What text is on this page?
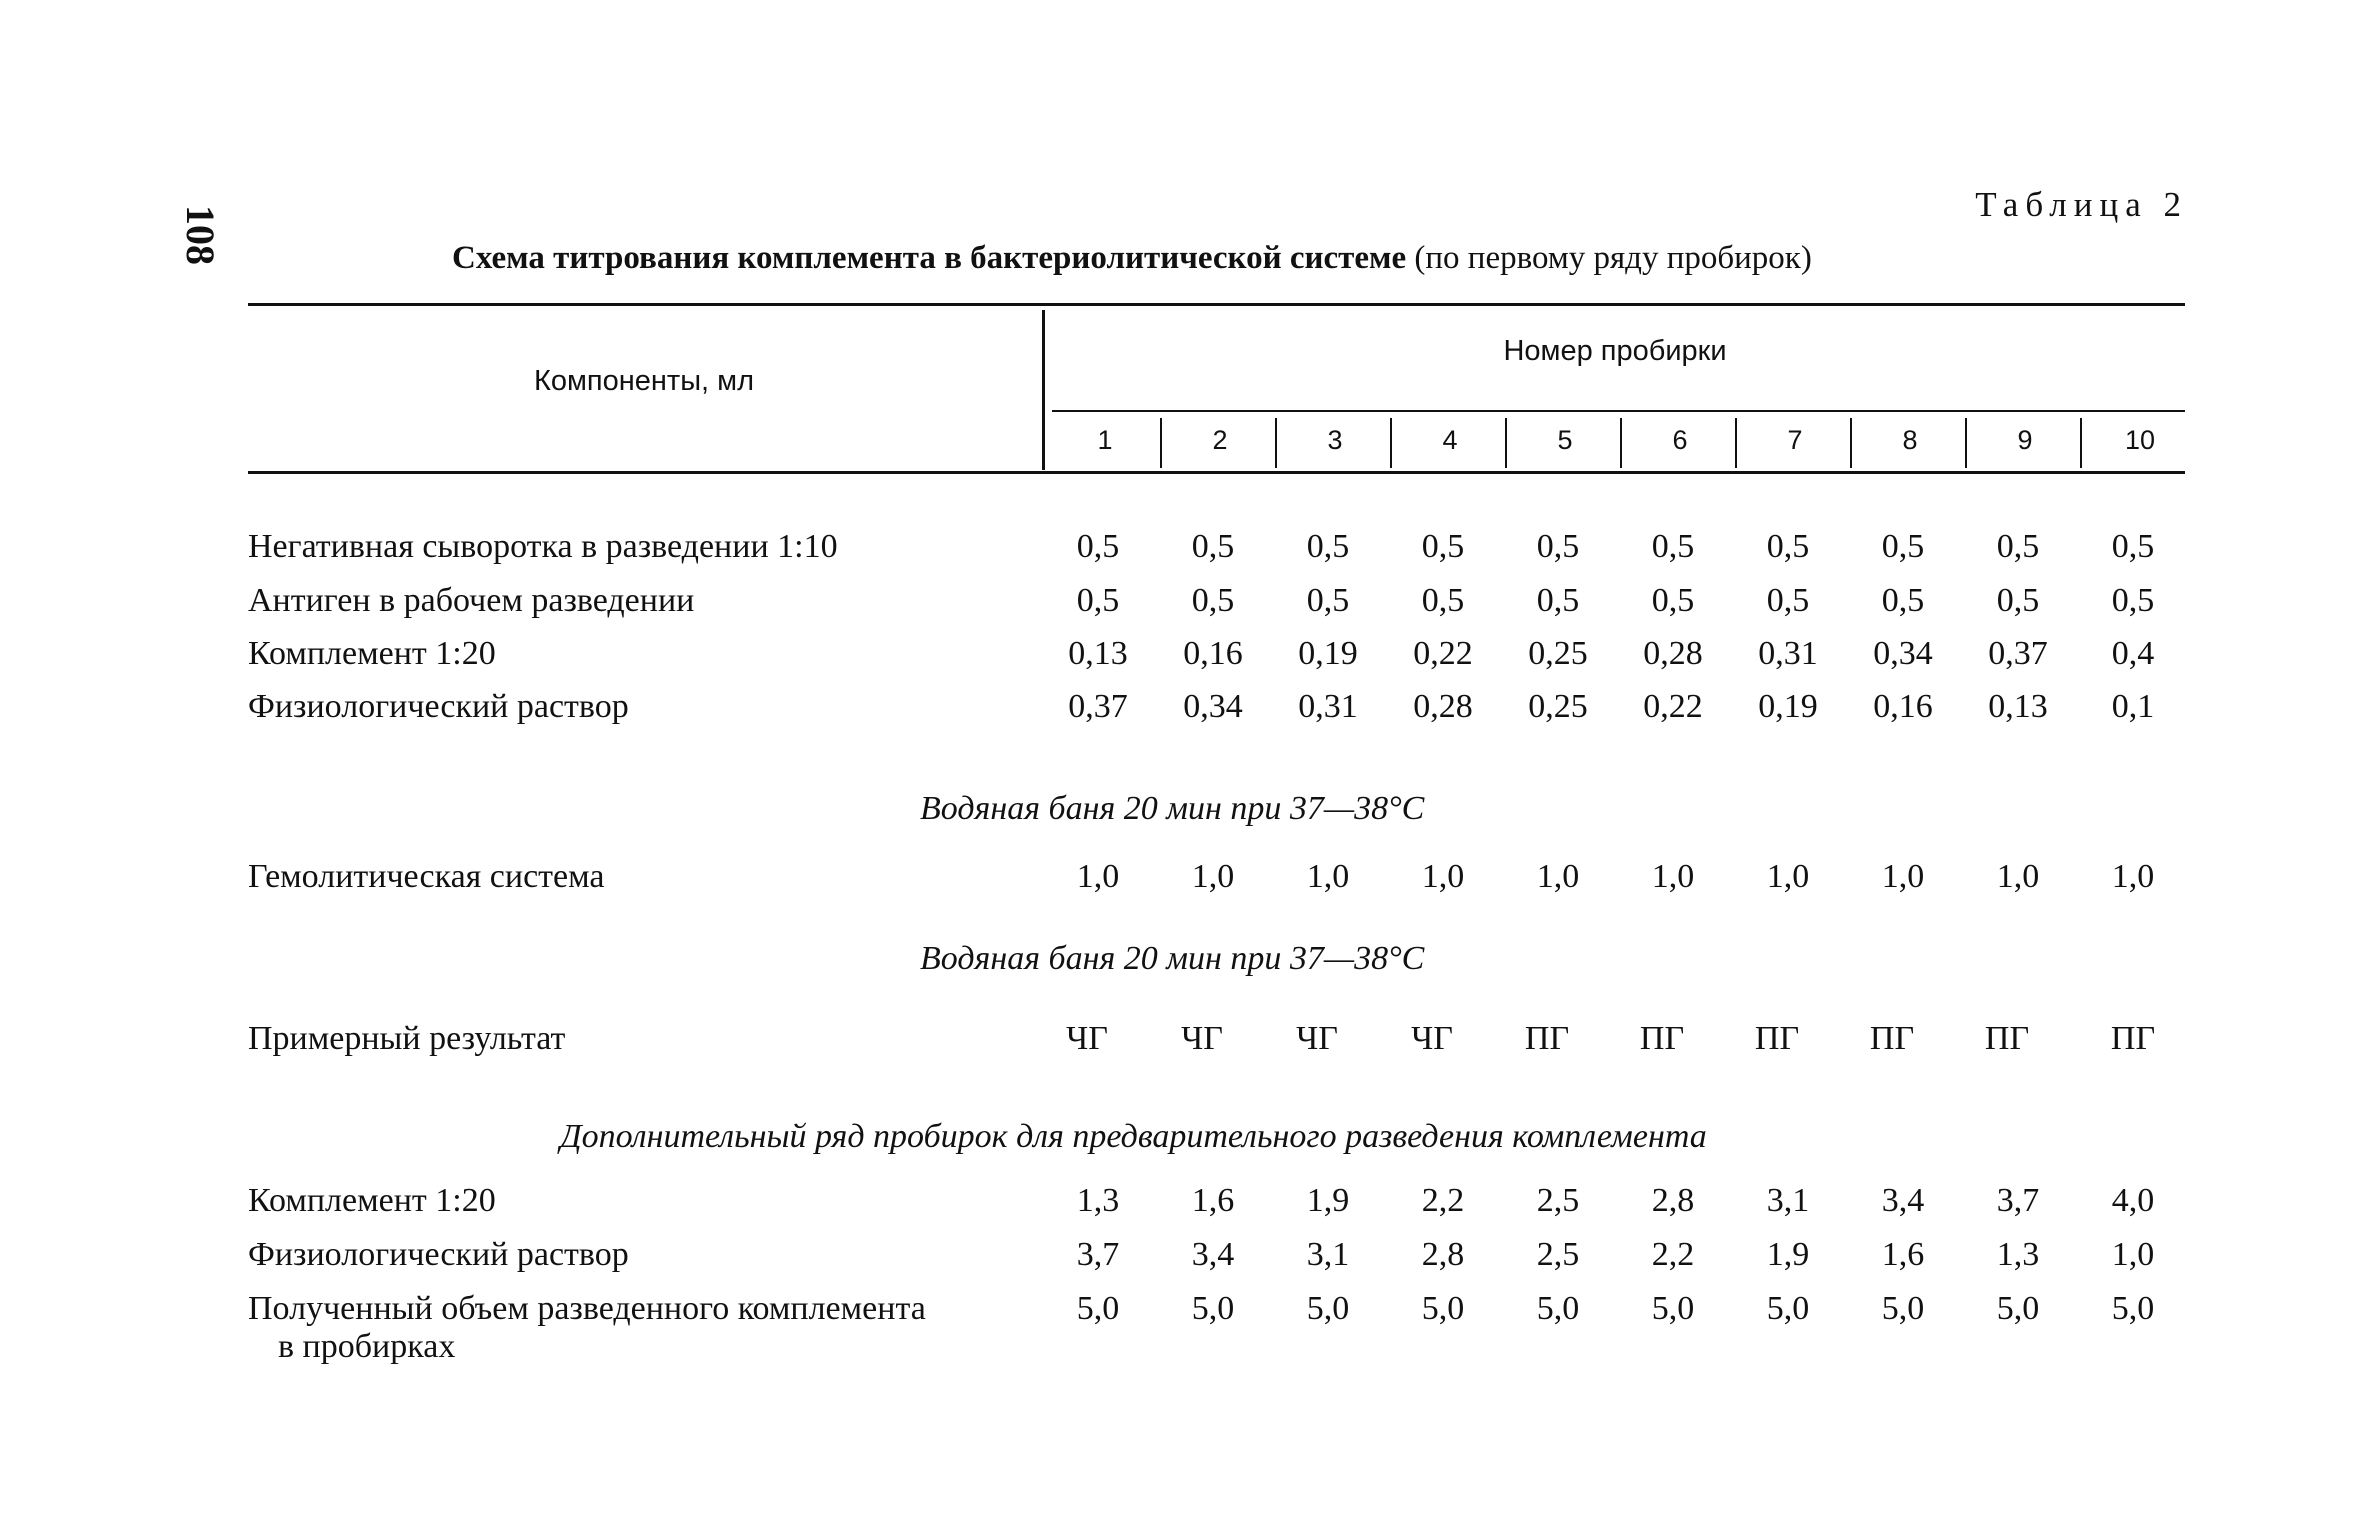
108
Таблица 2
Схема титрования комплемента в бактериолитической системе (по первому ряду пробирок)
Компоненты, мл
Номер пробирки
1	2	3	4	5	6	7	8	9	10
Негативная сыворотка в разведении 1:10	0,5	0,5	0,5	0,5	0,5	0,5	0,5	0,5	0,5	0,5
Антиген в рабочем разведении	0,5	0,5	0,5	0,5	0,5	0,5	0,5	0,5	0,5	0,5
Комплемент 1:20	0,13	0,16	0,19	0,22	0,25	0,28	0,31	0,34	0,37	0,4
Физиологический раствор	0,37	0,34	0,31	0,28	0,25	0,22	0,19	0,16	0,13	0,1
Водяная баня 20 мин при 37—38°С
Гемолитическая система	1,0	1,0	1,0	1,0	1,0	1,0	1,0	1,0	1,0	1,0
Водяная баня 20 мин при 37—38°С
Примерный результат	ЧГ	ЧГ	ЧГ	ЧГ	ПГ	ПГ	ПГ	ПГ	ПГ	ПГ
Дополнительный ряд пробирок для предварительного разведения комплемента
Комплемент 1:20	1,3	1,6	1,9	2,2	2,5	2,8	3,1	3,4	3,7	4,0
Физиологический раствор	3,7	3,4	3,1	2,8	2,5	2,2	1,9	1,6	1,3	1,0
Полученный объем разведенного комплемента
в пробирках
5,0	5,0	5,0	5,0	5,0	5,0	5,0	5,0	5,0	5,0
